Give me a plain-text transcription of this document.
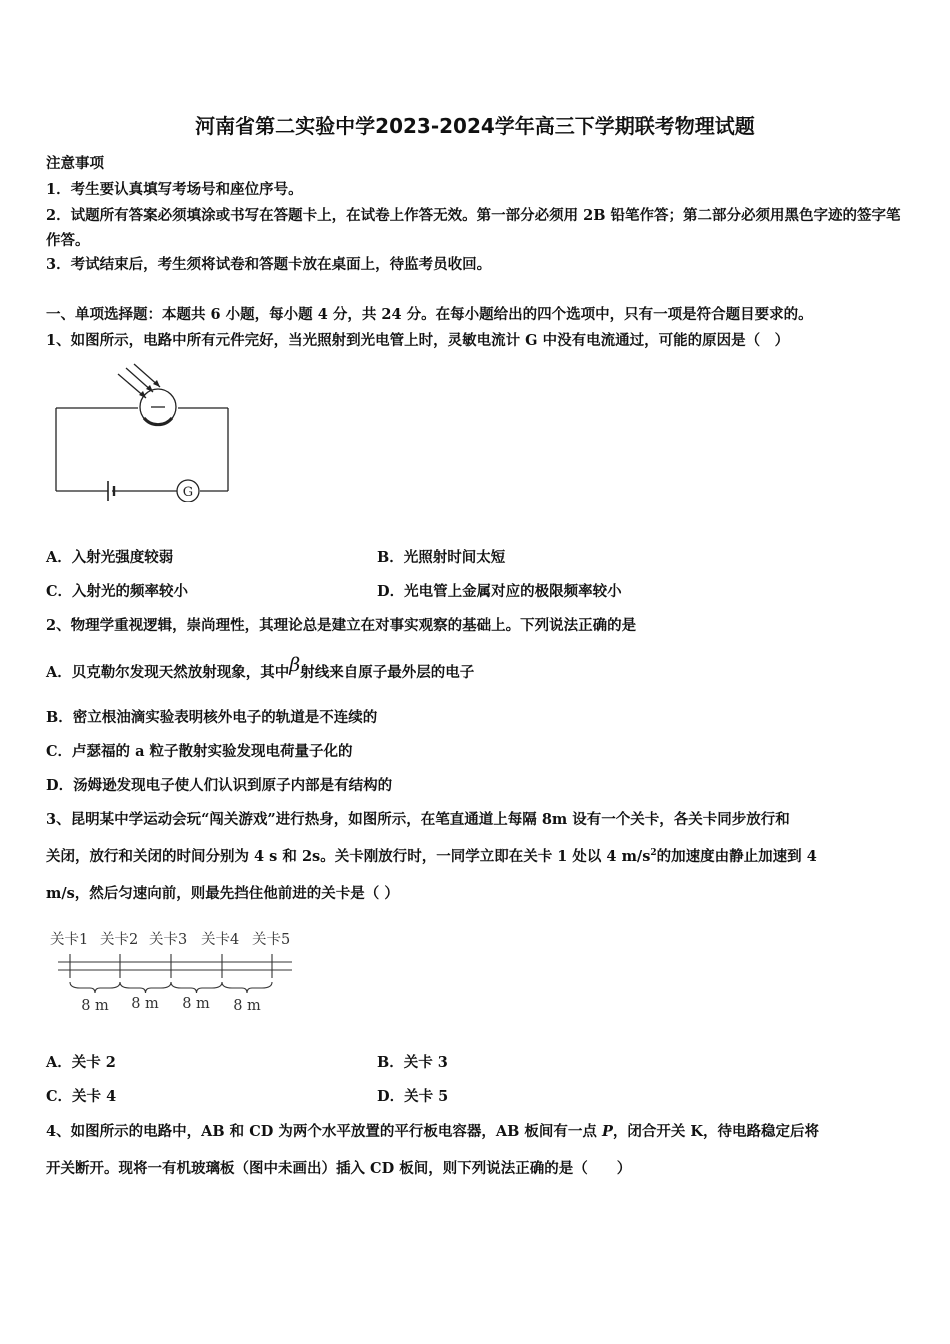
河南省第二实验中学2023-2024学年高三下学期联考物理试题
注意事项
1．考生要认真填写考场号和座位序号。
2．试题所有答案必须填涂或书写在答题卡上，在试卷上作答无效。第一部分必须用 2B 铅笔作答；第二部分必须用黑色字迹的签字笔作答。
3．考试结束后，考生须将试卷和答题卡放在桌面上，待监考员收回。
一、单项选择题：本题共 6 小题，每小题 4 分，共 24 分。在每小题给出的四个选项中，只有一项是符合题目要求的。
1、如图所示，电路中所有元件完好，当光照射到光电管上时，灵敏电流计 G 中没有电流通过，可能的原因是（　）
G
A．入射光强度较弱	B．光照射时间太短
C．入射光的频率较小	D．光电管上金属对应的极限频率较小
2、物理学重视逻辑，崇尚理性，其理论总是建立在对事实观察的基础上。下列说法正确的是
A．贝克勒尔发现天然放射现象，其中β射线来自原子最外层的电子
B．密立根油滴实验表明核外电子的轨道是不连续的
C．卢瑟福的 a 粒子散射实验发现电荷量子化的
D．汤姆逊发现电子使人们认识到原子内部是有结构的
3、昆明某中学运动会玩“闯关游戏”进行热身，如图所示，在笔直通道上每隔 8m 设有一个关卡，各关卡同步放行和
关闭，放行和关闭的时间分别为 4 s 和 2s。关卡刚放行时，一同学立即在关卡 1 处以 4 $m/s^2$的加速度由静止加速到 4
m/s，然后匀速向前，则最先挡住他前进的关卡是（ ）
关卡1 关卡2 关卡3 关卡4 关卡5
8 m 8 m 8 m 8 m
A．关卡 2	B．关卡 3
C．关卡 4	D．关卡 5
4、如图所示的电路中，AB 和 CD 为两个水平放置的平行板电容器，AB 板间有一点 P，闭合开关 K，待电路稳定后将
开关断开。现将一有机玻璃板（图中未画出）插入 CD 板间，则下列说法正确的是（　　）
